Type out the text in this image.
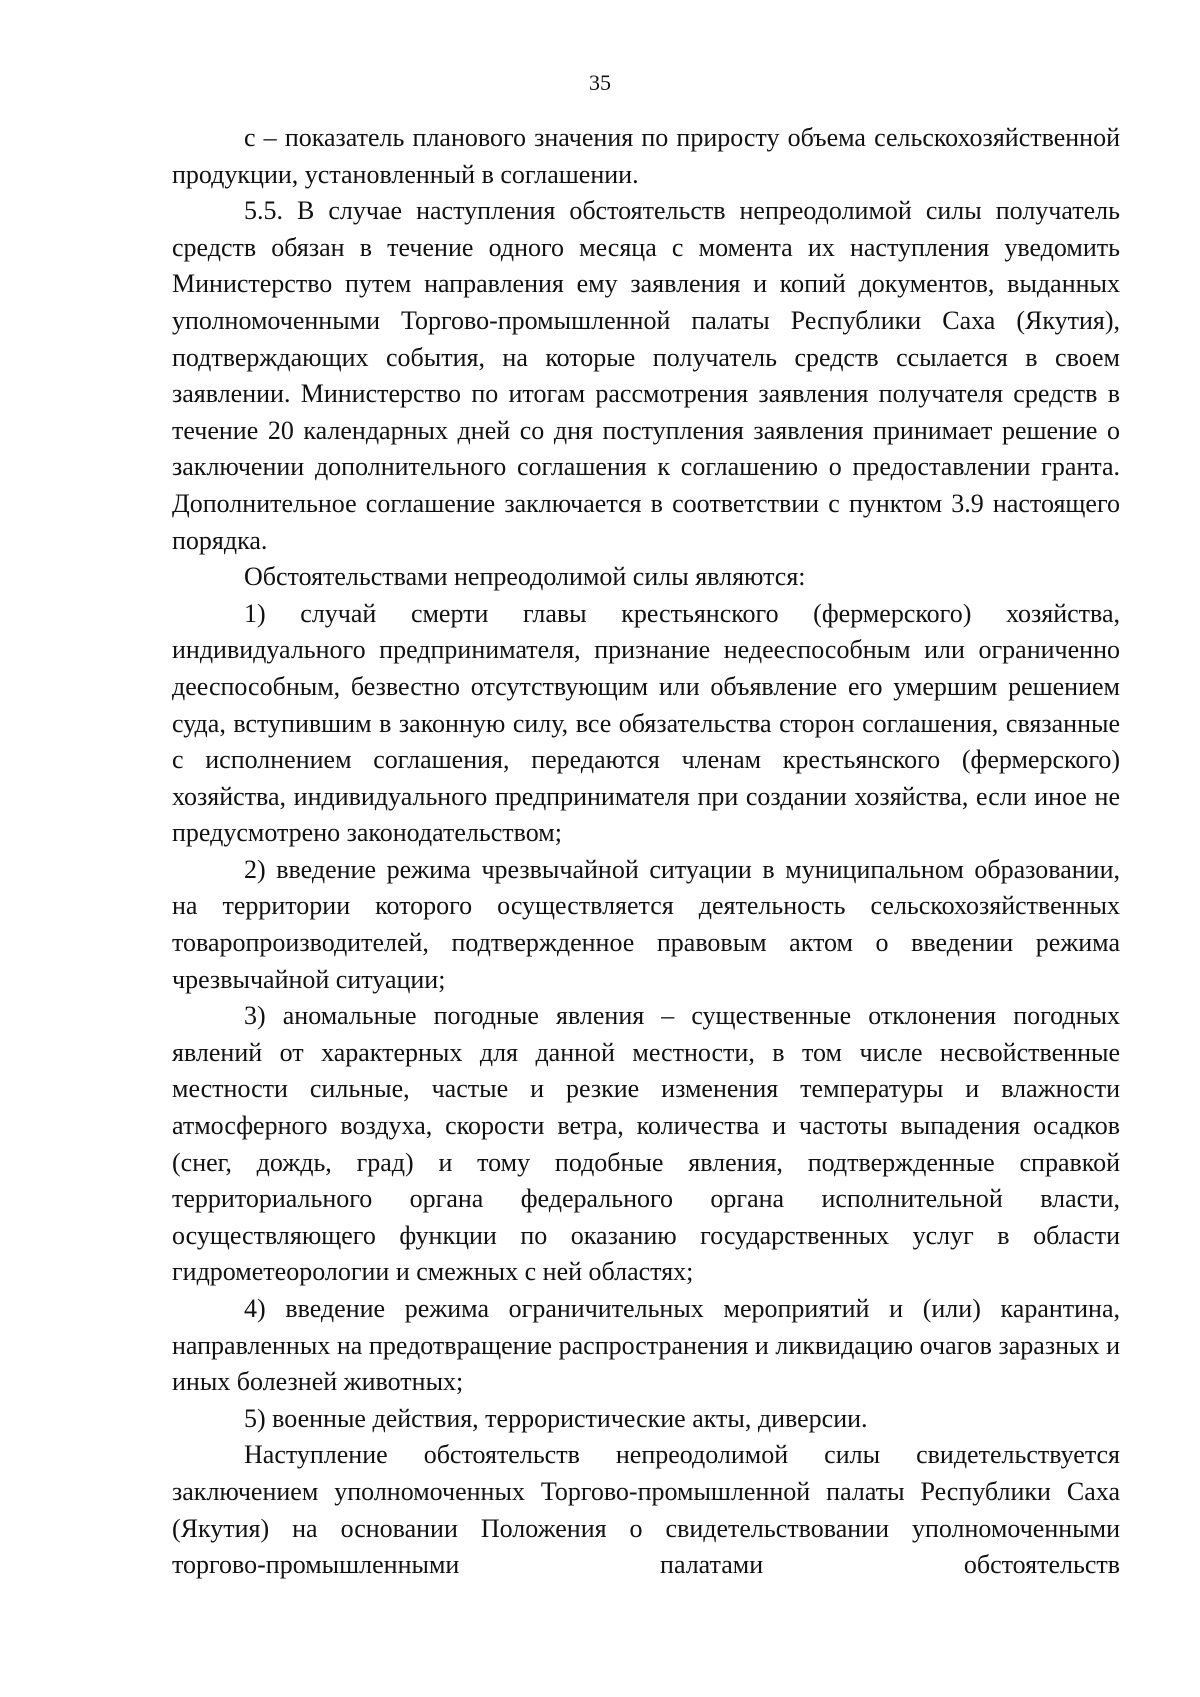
35

с – показатель планового значения по приросту объема сельскохозяйственной продукции, установленный в соглашении.

5.5. В случае наступления обстоятельств непреодолимой силы получатель средств обязан в течение одного месяца с момента их наступления уведомить Министерство путем направления ему заявления и копий документов, выданных уполномоченными Торгово-промышленной палаты Республики Саха (Якутия), подтверждающих события, на которые получатель средств ссылается в своем заявлении. Министерство по итогам рассмотрения заявления получателя средств в течение 20 календарных дней со дня поступления заявления принимает решение о заключении дополнительного соглашения к соглашению о предоставлении гранта. Дополнительное соглашение заключается в соответствии с пунктом 3.9 настоящего порядка.

Обстоятельствами непреодолимой силы являются:

1) случай смерти главы крестьянского (фермерского) хозяйства, индивидуального предпринимателя, признание недееспособным или ограниченно дееспособным, безвестно отсутствующим или объявление его умершим решением суда, вступившим в законную силу, все обязательства сторон соглашения, связанные с исполнением соглашения, передаются членам крестьянского (фермерского) хозяйства, индивидуального предпринимателя при создании хозяйства, если иное не предусмотрено законодательством;

2) введение режима чрезвычайной ситуации в муниципальном образовании, на территории которого осуществляется деятельность сельскохозяйственных товаропроизводителей, подтвержденное правовым актом о введении режима чрезвычайной ситуации;

3) аномальные погодные явления – существенные отклонения погодных явлений от характерных для данной местности, в том числе несвойственные местности сильные, частые и резкие изменения температуры и влажности атмосферного воздуха, скорости ветра, количества и частоты выпадения осадков (снег, дождь, град) и тому подобные явления, подтвержденные справкой территориального органа федерального органа исполнительной власти, осуществляющего функции по оказанию государственных услуг в области гидрометеорологии и смежных с ней областях;

4) введение режима ограничительных мероприятий и (или) карантина, направленных на предотвращение распространения и ликвидацию очагов заразных и иных болезней животных;

5) военные действия, террористические акты, диверсии.

Наступление обстоятельств непреодолимой силы свидетельствуется заключением уполномоченных Торгово-промышленной палаты Республики Саха (Якутия) на основании Положения о свидетельствовании уполномоченными торгово-промышленными палатами обстоятельств
